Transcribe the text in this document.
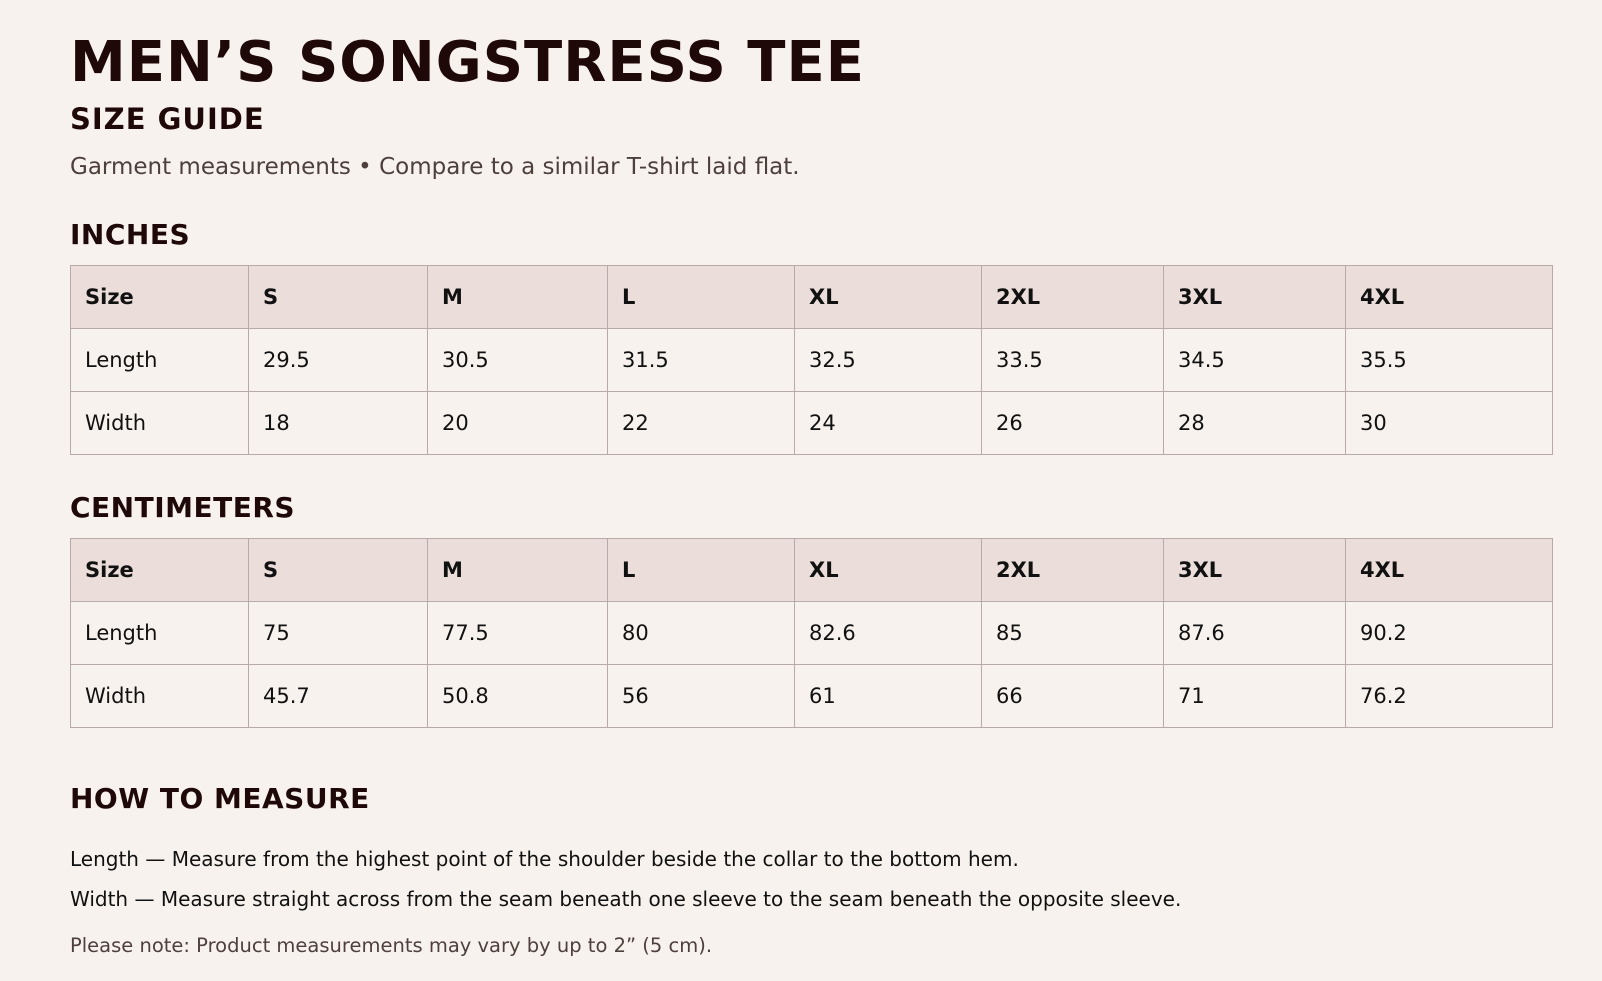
MEN’S SONGSTRESS TEE
SIZE GUIDE
Garment measurements • Compare to a similar T-shirt laid flat.
INCHES
Size	S	M	L	XL	2XL	3XL	4XL
Length	29.5	30.5	31.5	32.5	33.5	34.5	35.5
Width	18	20	22	24	26	28	30
CENTIMETERS
Size	S	M	L	XL	2XL	3XL	4XL
Length	75	77.5	80	82.6	85	87.6	90.2
Width	45.7	50.8	56	61	66	71	76.2
HOW TO MEASURE
Length — Measure from the highest point of the shoulder beside the collar to the bottom hem.
Width — Measure straight across from the seam beneath one sleeve to the seam beneath the opposite sleeve.
Please note: Product measurements may vary by up to 2” (5 cm).
